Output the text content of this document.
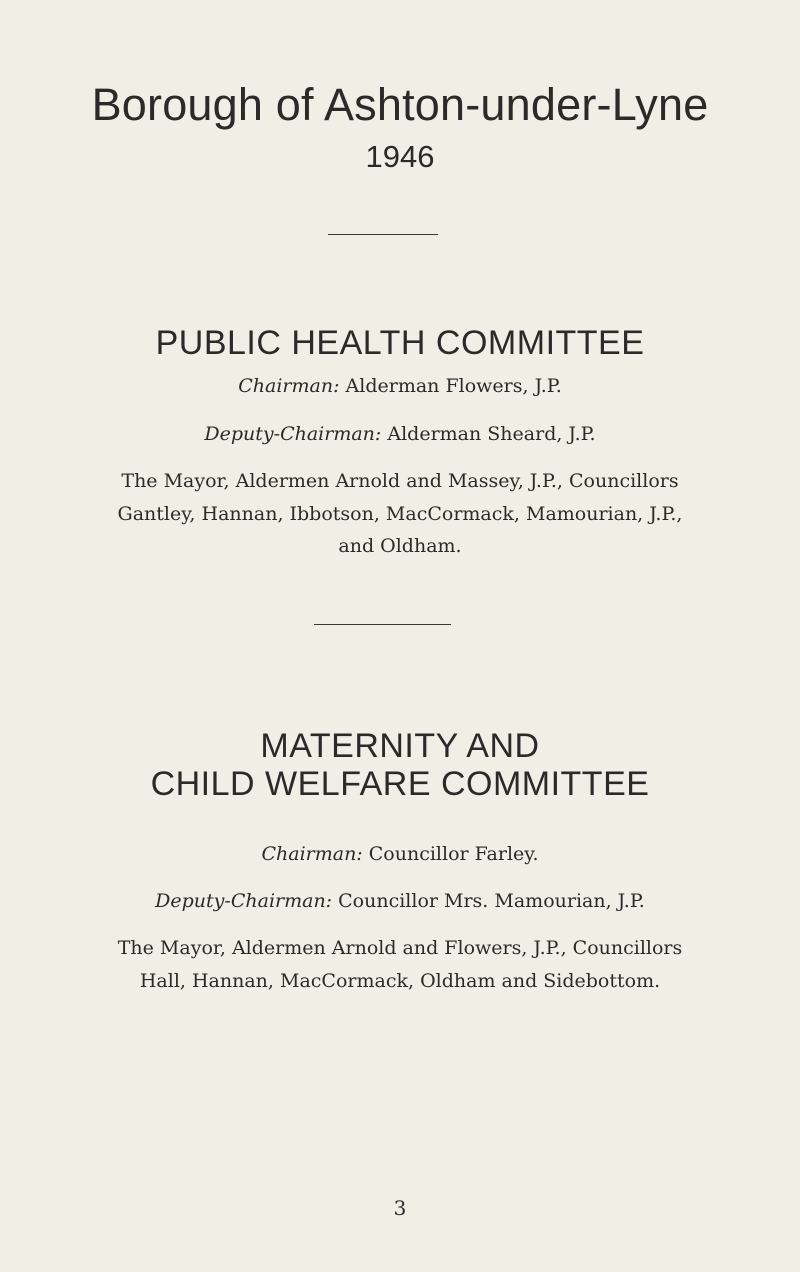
Borough of Ashton-under-Lyne
1946
PUBLIC HEALTH COMMITTEE
Chairman: Alderman Flowers, J.P.
Deputy-Chairman: Alderman Sheard, J.P.
The Mayor, Aldermen Arnold and Massey, J.P., Councillors
Gantley, Hannan, Ibbotson, MacCormack, Mamourian, J.P.,
and Oldham.
MATERNITY AND
CHILD WELFARE COMMITTEE
Chairman: Councillor Farley.
Deputy-Chairman: Councillor Mrs. Mamourian, J.P.
The Mayor, Aldermen Arnold and Flowers, J.P., Councillors
Hall, Hannan, MacCormack, Oldham and Sidebottom.
3
